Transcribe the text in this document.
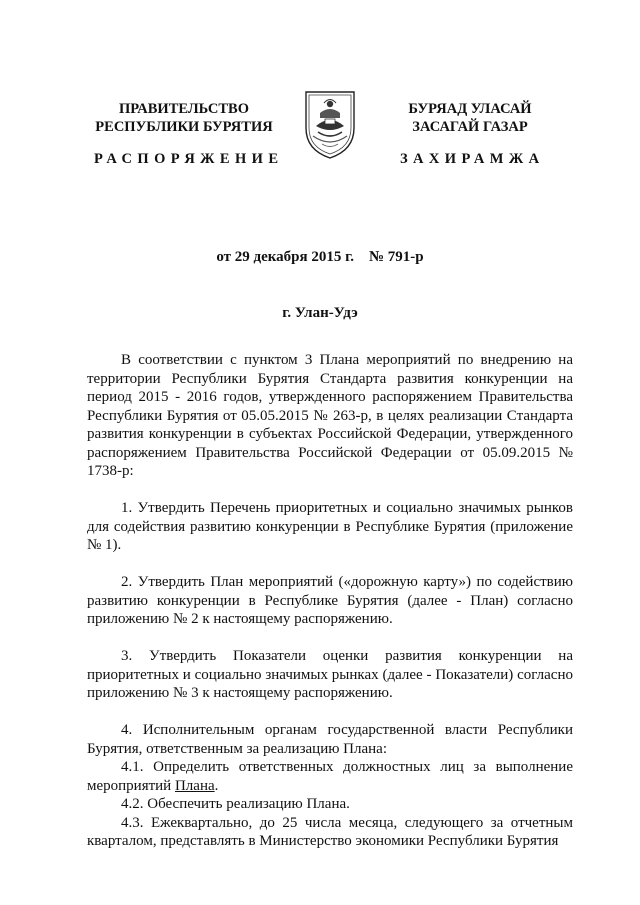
ПРАВИТЕЛЬСТВО
РЕСПУБЛИКИ БУРЯТИЯ
РАСПОРЯЖЕНИЕ
БУРЯАД УЛАСАЙ
ЗАСАГАЙ ГАЗАР
ЗАХИРАМЖА
от 29 декабря 2015 г.    № 791-р
г. Улан-Удэ

В соответствии с пунктом 3 Плана мероприятий по внедрению на территории Республики Бурятия Стандарта развития конкуренции на период 2015 - 2016 годов, утвержденного распоряжением Правительства Республики Бурятия от 05.05.2015 № 263-р, в целях реализации Стандарта развития конкуренции в субъектах Российской Федерации, утвержденного распоряжением Правительства Российской Федерации от 05.09.2015 № 1738-р:

1. Утвердить Перечень приоритетных и социально значимых рынков для содействия развитию конкуренции в Республике Бурятия (приложение № 1).

2. Утвердить План мероприятий («дорожную карту») по содействию развитию конкуренции в Республике Бурятия (далее - План) согласно приложению № 2 к настоящему распоряжению.

3. Утвердить Показатели оценки развития конкуренции на приоритетных и социально значимых рынках (далее - Показатели) согласно приложению № 3 к настоящему распоряжению.

4. Исполнительным органам государственной власти Республики Бурятия, ответственным за реализацию Плана:

4.1. Определить ответственных должностных лиц за выполнение мероприятий Плана.

4.2. Обеспечить реализацию Плана.

4.3. Ежеквартально, до 25 числа месяца, следующего за отчетным кварталом, представлять в Министерство экономики Республики Бурятия
